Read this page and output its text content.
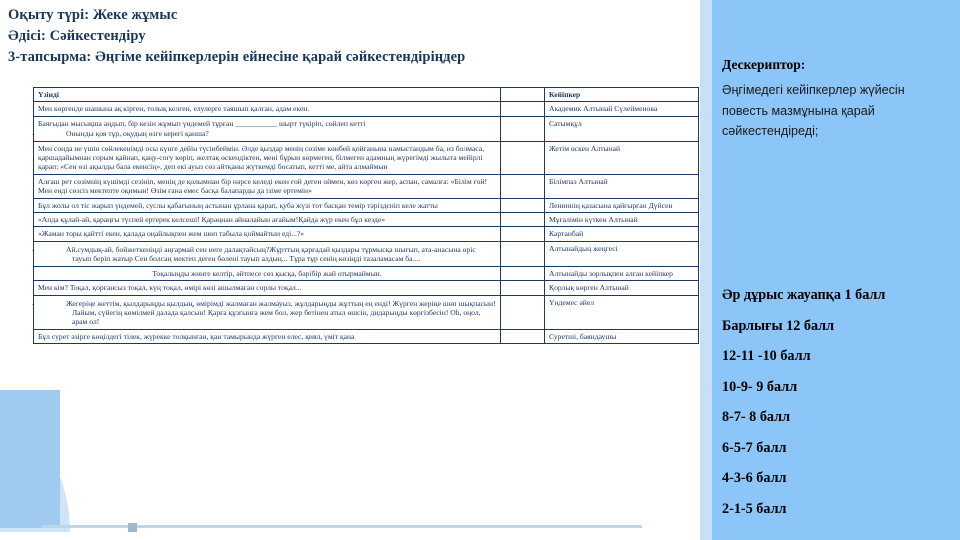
Оқыту түрі: Жеке жұмыс
Әдісі: Сәйкестендіру
3-тапсырма: Әңгіме кейіпкерлерін ейнесіне қарай сәйкестендіріңдер
Үзінді		Кейіпкер
Мен көргенде шашына ақ кірген, толық келген, елулерге таяшып қалған, адам екен.		Академик Алтынай Сүлейменова
Баяғыдан мысықша аңдып, бір кезін жұмып үндемей тұрған ___________ шырт түкіріп, сөйлеп кетті
- Онынды қоя тұр, оқудың өзге керегі қанша?		Сатымқұл
Мен сонда не үшін сөйлекенімді осы күнге дейін түсінбеймін. Әлде қыздар менің сөзіме көнбей қойғанына намыстандым ба, из болмаса, қаршадайымнан сорым қайнап, қаңу-соғу көріп, желтақ өскендіктен, мені бұрын көрмеген, білмеген адамның жүрегімді жылыта мейірлі қарап: «Сен өзі ақылды бала екенсің», деп екі ауыз сөз айтқаны жүткемді босатып, кетті ме, айта алмаймын		Жетім өскен Алтынай
Алғаш рет сөзімнің күшімді сезініп, менің де қолымнан бір нәрсе келеді екен ғой деген оймен, көз көрген жер, аспан, самалға: «Білім ғой! Мен енді сөзсіз мектепте оқимын! Өзім ғана емес басқа балапарды да ізіме ертемін»		Білімпаз Алтынай
Бұл жолы ол тіс жарып үндемей, суслы қабағының астынан ұрлана қарап, қуба жүзі тот басқан темір тәріздєніп келе жатты		Лениннің қазасына қайғырған Дүйсен
«Апда құлай-ай, қараңғы түспей ертерек келсеші! Қараңнан айналайын ағайым!Қайда жүр екен бұл кезде»		Мұғалімін күткен Алтынай
«Жаман торы қайтті екен, қалада оңайлықпен жем шөп табыла қоймайтын еді...?»		Картанбай

- Ай,сумдық-ай, бойжеткеніңді аңғармай сен неге далақтайсың?Жұрттың қарғадай қыздары тұрмысқа шығып, ата-анасына өріс тауып беріп жатыр Сен болсаң мектеп деген бөлені тауып алдың... Тұра тұр сенің көзіңді тазаламасам ба....		Алтынайдың жеңгесі

Тоқалыңды жөнге келтір, әйтпесе сөз қысқа, бәрібір жай отырмаймын.		Алтынайды зорлықпен алған кейіпкер
Мен кім? Тоқал, қорғансыз тоқал, күң тоқал, өмірі көзі ашылмаған сорлы тоқал...		Қорлық көрген Алтынай

- Жегеріңе жеттім, қылдарыңды қылдың, өмірімді жалмаған жалмауыз, жұлдарыңды жұттың ең енді! Жүрген жеріңе шөп шықпасын! Лайым, сүйегің көмілмей далада қалсын! Қарға құзғынға жем бол, жер бетінен атыл өшсін, дидарыңды көргізбесін! Оһ, оңол, арам ол!		Үндемес әйел
Бұл сурет әзірге көңілдегі тілек, жүрекке толқынған, қан тамырында жүрген елес, қиял, үміт қана		Суретші, баяндаушы
Дескериптор:
Әңгімедегі кейіпкерлер жүйесін повесть мазмұнына қарай сәйкестендіреді;
Әр дұрыс жауапқа 1 балл
Барлығы 12 балл
12-11 -10 балл
10-9- 9 балл
8-7- 8 балл
6-5-7 балл
4-3-6 балл
2-1-5 балл
